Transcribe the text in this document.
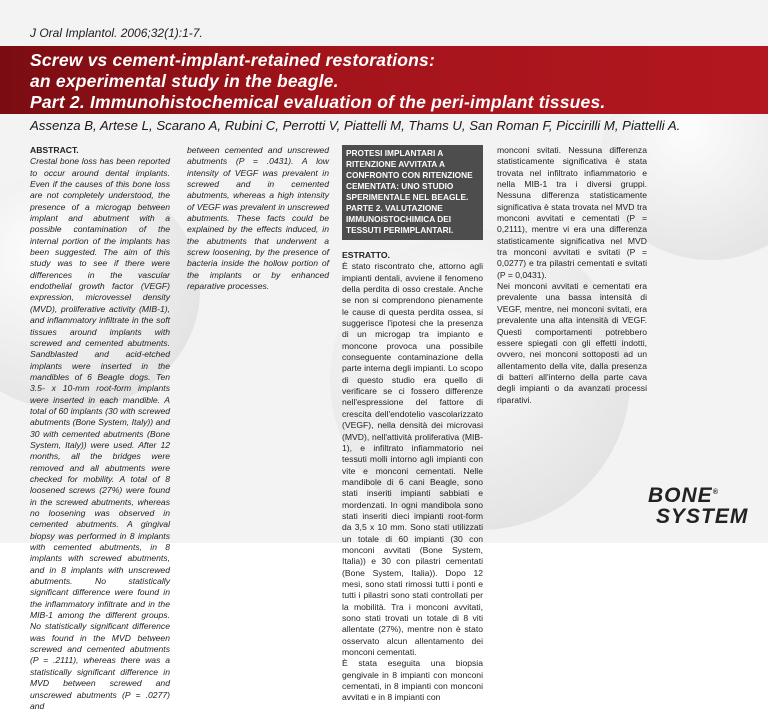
J Oral Implantol. 2006;32(1):1-7.
Screw vs cement-implant-retained restorations:
an experimental study in the beagle.
Part 2. Immunohistochemical evaluation of the peri-implant tissues.
Assenza B, Artese L, Scarano A, Rubini C, Perrotti V, Piattelli M, Thams U, San Roman F, Piccirilli M, Piattelli A.
ABSTRACT.

Crestal bone loss has been reported to occur around dental implants. Even if the causes of this bone loss are not completely understood, the presence of a microgap between implant and abutment with a possible contamination of the internal portion of the implants has been suggested. The aim of this study was to see if there were differences in the vascular endothelial growth factor (VEGF) expression, microvessel density (MVD), proliferative activity (MIB-1), and inflammatory infiltrate in the soft tissues around implants with screwed and cemented abutments. Sandblasted and acid-etched implants were inserted in the mandibles of 6 Beagle dogs. Ten 3.5- x 10-mm root-form implants were inserted in each mandible. A total of 60 implants (30 with screwed abutments (Bone System, Italy)) and 30 with cemented abutments (Bone System, Italy)) were used. After 12 months, all the bridges were removed and all abutments were checked for mobility. A total of 8 loosened screws (27%) were found in the screwed abutments, whereas no loosening was observed in cemented abutments. A gingival biopsy was performed in 8 implants with cemented abutments, in 8 implants with screwed abutments, and in 8 implants with unscrewed abutments. No statistically significant difference were found in the inflammatory infiltrate and in the MIB-1 among the different groups. No statistically significant difference was found in the MVD between screwed and cemented abutments (P = .2111), whereas there was a statistically significant difference in MVD between screwed and unscrewed abutments (P = .0277) and

between cemented and unscrewed abutments (P = .0431). A low intensity of VEGF was prevalent in screwed and in cemented abutments, whereas a high intensity of VEGF was prevalent in unscrewed abutments. These facts could be explained by the effects induced, in the abutments that underwent a screw loosening, by the presence of bacteria inside the hollow portion of the implants or by enhanced reparative processes.

PROTESI IMPLANTARI A RITENZIONE AVVITATA A CONFRONTO CON RITENZIONE CEMENTATA: UNO STUDIO SPERIMENTALE NEL BEAGLE. PARTE 2. VALUTAZIONE IMMUNOISTOCHIMICA DEI TESSUTI PERIMPLANTARI.
ESTRATTO.

È stato riscontrato che, attorno agli impianti dentali, avviene il fenomeno della perdita di osso crestale. Anche se non si comprendono pienamente le cause di questa perdita ossea, si suggerisce l'ipotesi che la presenza di un microgap tra impianto e moncone provoca una possibile conseguente contaminazione della parte interna degli impianti. Lo scopo di questo studio era quello di verificare se ci fossero differenze nell'espressione del fattore di crescita dell'endotelio vascolarizzato (VEGF), nella densità dei microvasi (MVD), nell'attività proliferativa (MIB-1), e infiltrato infiammatorio nei tessuti molli intorno agli impianti con vite e monconi cementati. Nelle mandibole di 6 cani Beagle, sono stati inseriti impianti sabbiati e mordenzati. In ogni mandibola sono stati inseriti dieci impianti root-form da 3,5 x 10 mm. Sono stati utilizzati un totale di 60 impianti (30 con monconi avvitati (Bone System, Italia)) e 30 con pilastri cementati (Bone System, Italia)). Dopo 12 mesi, sono stati rimossi tutti i ponti e tutti i pilastri sono stati controllati per la mobilità. Tra i monconi avvitati, sono stati trovati un totale di 8 viti allentate (27%), mentre non è stato osservato alcun allentamento dei monconi cementati.

È stata eseguita una biopsia gengivale in 8 impianti con monconi cementati, in 8 impianti con monconi avvitati e in 8 impianti con

monconi svitati. Nessuna differenza statisticamente significativa è stata trovata nel infiltrato infiammatorio e nella MIB-1 tra i diversi gruppi. Nessuna differenza statisticamente significativa è stata trovata nel MVD tra monconi avvitati e cementati (P = 0,2111), mentre vi era una differenza statisticamente significativa nel MVD tra monconi avvitati e svitati (P = 0,0277) e tra pilastri cementati e svitati (P = 0,0431).

Nei monconi avvitati e cementati era prevalente una bassa intensità di VEGF, mentre, nei monconi svitati, era prevalente una alta intensità di VEGF. Questi comportamenti potrebbero essere spiegati con gli effetti indotti, ovvero, nei monconi sottoposti ad un allentamento della vite, dalla presenza di batteri all'interno della parte cava degli impianti o da avanzati processi riparativi.

BONE®
SYSTEM
